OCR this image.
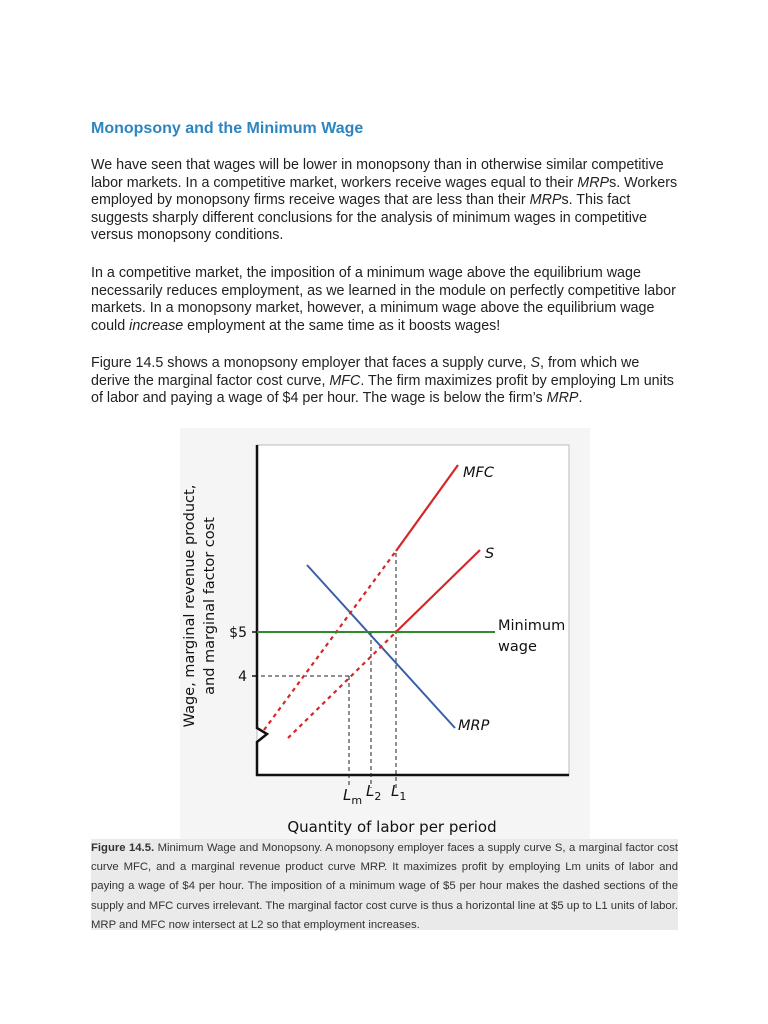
Monopsony and the Minimum Wage

We have seen that wages will be lower in monopsony than in otherwise similar competitive labor markets. In a competitive market, workers receive wages equal to their MRPs. Workers employed by monopsony firms receive wages that are less than their MRPs. This fact suggests sharply different conclusions for the analysis of minimum wages in competitive versus monopsony conditions.

In a competitive market, the imposition of a minimum wage above the equilibrium wage necessarily reduces employment, as we learned in the module on perfectly competitive labor markets. In a monopsony market, however, a minimum wage above the equilibrium wage could increase employment at the same time as it boosts wages!

Figure 14.5 shows a monopsony employer that faces a supply curve, S, from which we derive the marginal factor cost curve, MFC. The firm maximizes profit by employing Lm units of labor and paying a wage of $4 per hour. The wage is below the firm’s MRP.

$5
4
MFC
S
MRP
Minimum
wage
$L_m$
$L_2$ $L_1$
Quantity of labor per period
Wage, marginal revenue product, and marginal factor cost
Figure 14.5. Minimum Wage and Monopsony. A monopsony employer faces a supply curve S, a marginal factor cost curve MFC, and a marginal revenue product curve MRP. It maximizes profit by employing Lm units of labor and paying a wage of $4 per hour. The imposition of a minimum wage of $5 per hour makes the dashed sections of the supply and MFC curves irrelevant. The marginal factor cost curve is thus a horizontal line at $5 up to L1 units of labor. MRP and MFC now intersect at L2 so that employment increases.
